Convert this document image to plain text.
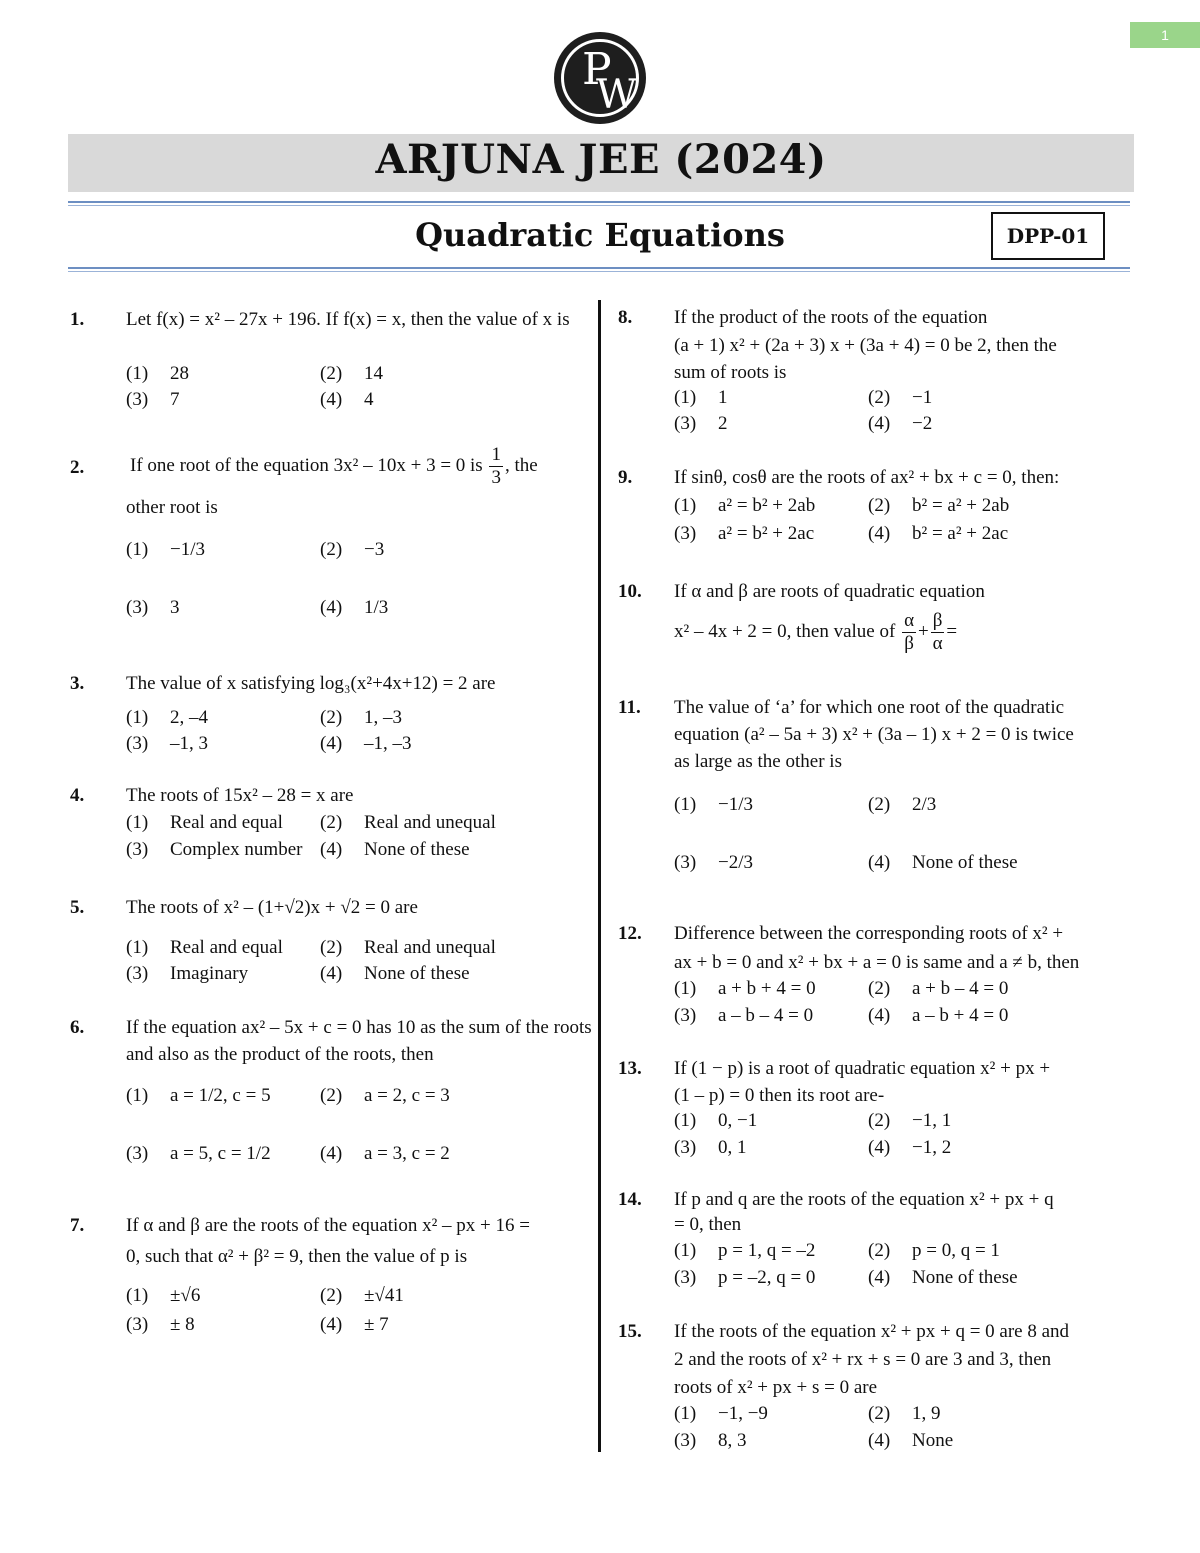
1
P
W
ARJUNA JEE (2024)
Quadratic Equations	DPP-01
1. Let f(x) = x² – 27x + 196. If f(x) = x, then the value of x is
(1) 28	(2) 14
(3) 7	(4) 4
2. If one root of the equation 3x² – 10x + 3 = 0 is $\frac{1}{3}$ , the
other root is
(1) −1/3	(2) −3
(3) 3	(4) 1/3
3. The value of x satisfying log₃(x²+4x+12) = 2 are
(1) 2, –4	(2) 1, –3
(3) –1, 3	(4) –1, –3
4. The roots of 15x² – 28 = x are
(1) Real and equal (2) Real and unequal
(3) Complex number (4) None of these
5. The roots of x² – (1+√2)x + √2 = 0 are
(1) Real and equal (2) Real and unequal
(3) Imaginary	(4) None of these
6. If the equation ax² – 5x + c = 0 has 10 as the sum of the roots and also as the product of the roots, then
(1) a = 1/2, c = 5	(2) a = 2, c = 3
(3) a = 5, c = 1/2	(4) a = 3, c = 2
7. If α and β are the roots of the equation x² – px + 16 =
0, such that α² + β² = 9, then the value of p is
(1) ±√6	(2) ±√41
(3) ± 8	(4) ± 7
8. If the product of the roots of the equation
(a + 1) x² + (2a + 3) x + (3a + 4) = 0 be 2, then the
sum of roots is
(1) 1	(2) −1
(3) 2	(4) −2
9. If sinθ, cosθ are the roots of ax² + bx + c = 0, then:
(1) a² = b² + 2ab	(2) b² = a² + 2ab
(3) a² = b² + 2ac	(4) b² = a² + 2ac
10. If α and β are roots of quadratic equation
x² – 4x + 2 = 0, then value of $\frac{\alpha}{\beta} + \frac{\beta}{\alpha}$ =
11. The value of ‘a’ for which one root of the quadratic
equation (a² – 5a + 3) x² + (3a – 1) x + 2 = 0 is twice
as large as the other is
(1) −1/3	(2) 2/3
(3) −2/3	(4) None of these
12. Difference between the corresponding roots of x² +
ax + b = 0 and x² + bx + a = 0 is same and a ≠ b, then
(1) a + b + 4 = 0	(2) a + b – 4 = 0
(3) a – b – 4 = 0	(4) a – b + 4 = 0
13. If (1 − p) is a root of quadratic equation x² + px +
(1 – p) = 0 then its root are-
(1) 0, −1	(2) −1, 1
(3) 0, 1	(4) −1, 2
14. If p and q are the roots of the equation x² + px + q
= 0, then
(1) p = 1, q = –2	(2) p = 0, q = 1
(3) p = –2, q = 0	(4) None of these
15. If the roots of the equation x² + px + q = 0 are 8 and
2 and the roots of x² + rx + s = 0 are 3 and 3, then
roots of x² + px + s = 0 are
(1) −1, −9	(2) 1, 9
(3) 8, 3	(4) None
